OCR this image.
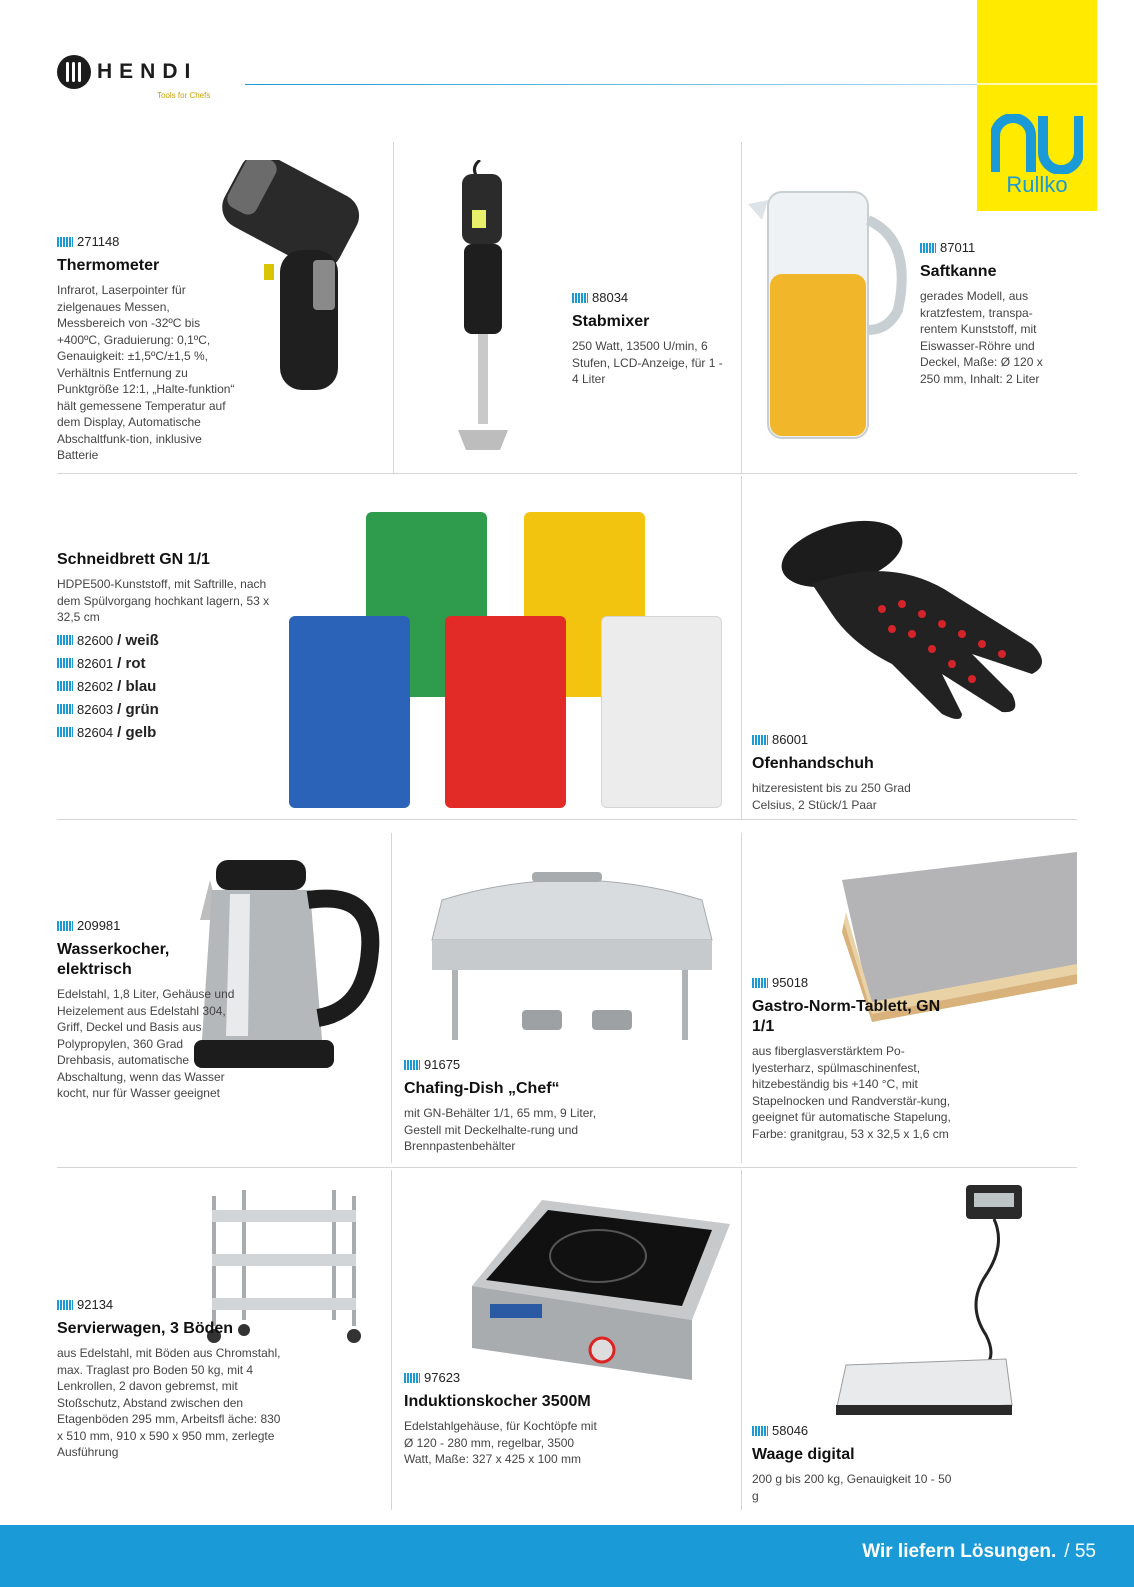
HENDI
Tools for Chefs
Rullko
271148
Thermometer
Infrarot, Laserpointer für zielgenaues Messen, Messbereich von -32ºC bis +400ºC, Graduierung: 0,1ºC, Genauigkeit: ±1,5ºC/±1,5 %, Verhältnis Entfernung zu Punktgröße 12:1, „Halte-funktion“ hält gemessene Temperatur auf dem Display, Automatische Abschaltfunk-tion, inklusive Batterie
88034
Stabmixer
250 Watt, 13500 U/min, 6 Stufen, LCD-Anzeige, für 1 - 4 Liter
87011
Saftkanne
gerades Modell, aus kratzfestem, transpa-rentem Kunststoff, mit Eiswasser-Röhre und Deckel, Maße: Ø 120 x 250 mm, Inhalt: 2 Liter
Schneidbrett GN 1/1
HDPE500-Kunststoff, mit Saftrille, nach dem Spülvorgang hochkant lagern, 53 x 32,5 cm
82600 / weiß
82601 / rot
82602 / blau
82603 / grün
82604 / gelb	86001
Ofenhandschuh
hitzeresistent bis zu 250 Grad Celsius, 2 Stück/1 Paar
209981
Wasserkocher, elektrisch
Edelstahl, 1,8 Liter, Gehäuse und Heizelement aus Edelstahl 304, Griff, Deckel und Basis aus Polypropylen, 360 Grad Drehbasis, automatische Abschaltung, wenn das Wasser kocht, nur für Wasser geeignet
91675
Chafing-Dish „Chef“
mit GN-Behälter 1/1, 65 mm, 9 Liter, Gestell mit Deckelhalte-rung und Brennpastenbehälter
95018
Gastro-Norm-Tablett, GN 1/1
aus fiberglasverstärktem Po-lyesterharz, spülmaschinenfest, hitzebeständig bis +140 °C, mit Stapelnocken und Randverstär-kung, geeignet für automatische Stapelung, Farbe: granitgrau, 53 x 32,5 x 1,6 cm
92134
Servierwagen, 3 Böden
aus Edelstahl, mit Böden aus Chromstahl, max. Traglast pro Boden 50 kg, mit 4 Lenkrollen, 2 davon gebremst, mit Stoßschutz, Abstand zwischen den Etagenböden 295 mm, Arbeitsfl äche: 830 x 510 mm, 910 x 590 x 950 mm, zerlegte Ausführung
97623
Induktionskocher 3500M
Edelstahlgehäuse, für Kochtöpfe mit Ø 120 - 280 mm, regelbar, 3500 Watt, Maße: 327 x 425 x 100 mm
58046
Waage digital
200 g bis 200 kg, Genauigkeit 10 - 50 g
Wir liefern Lösungen. / 55
